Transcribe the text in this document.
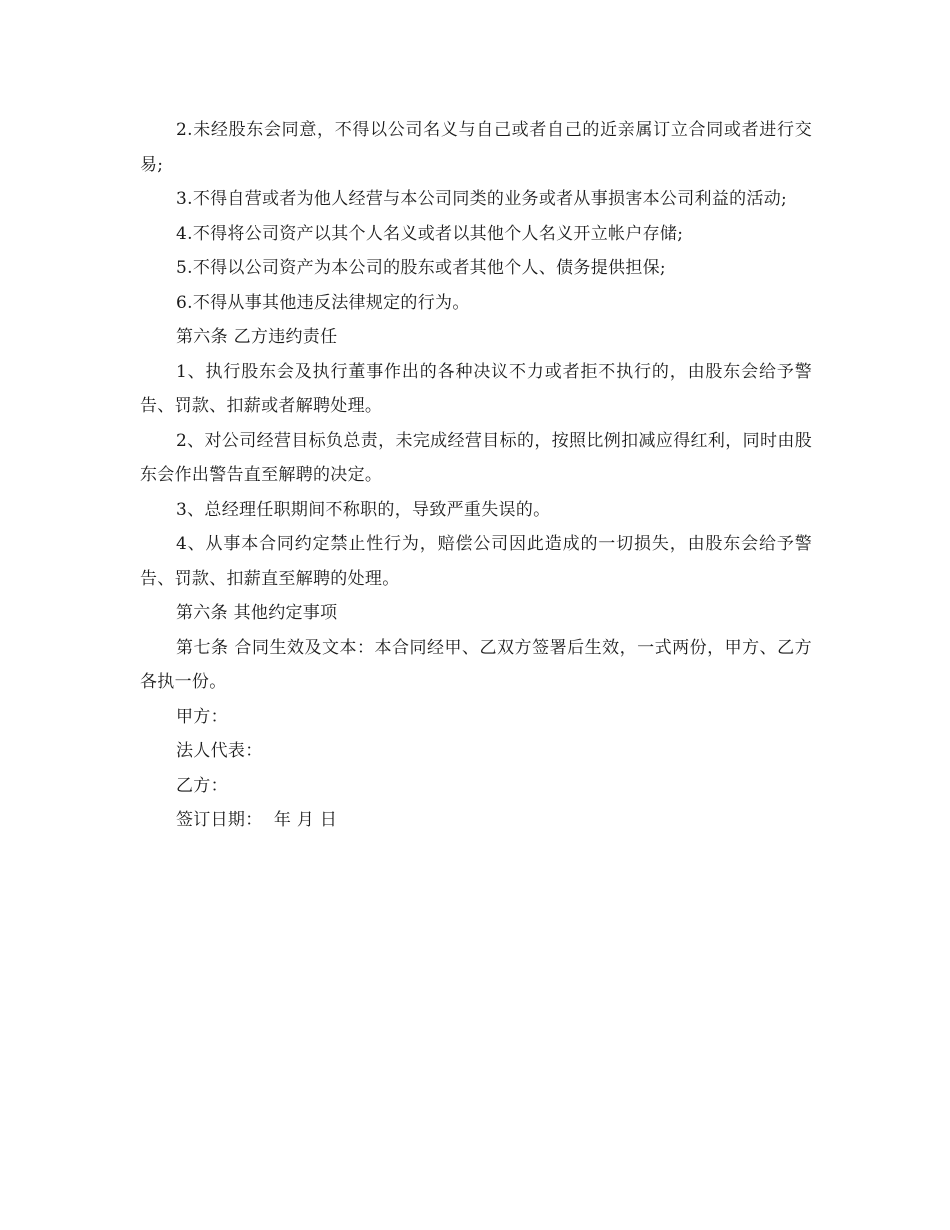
2.未经股东会同意，不得以公司名义与自己或者自己的近亲属订立合同或者进行交易;

3.不得自营或者为他人经营与本公司同类的业务或者从事损害本公司利益的活动;

4.不得将公司资产以其个人名义或者以其他个人名义开立帐户存储;

5.不得以公司资产为本公司的股东或者其他个人、债务提供担保;

6.不得从事其他违反法律规定的行为。

第六条 乙方违约责任

1、执行股东会及执行董事作出的各种决议不力或者拒不执行的，由股东会给予警告、罚款、扣薪或者解聘处理。

2、对公司经营目标负总责，未完成经营目标的，按照比例扣减应得红利，同时由股东会作出警告直至解聘的决定。

3、总经理任职期间不称职的，导致严重失误的。

4、从事本合同约定禁止性行为，赔偿公司因此造成的一切损失，由股东会给予警告、罚款、扣薪直至解聘的处理。

第六条 其他约定事项

第七条 合同生效及文本：本合同经甲、乙双方签署后生效，一式两份，甲方、乙方各执一份。

甲方：

法人代表：

乙方：

签订日期：  年 月 日
